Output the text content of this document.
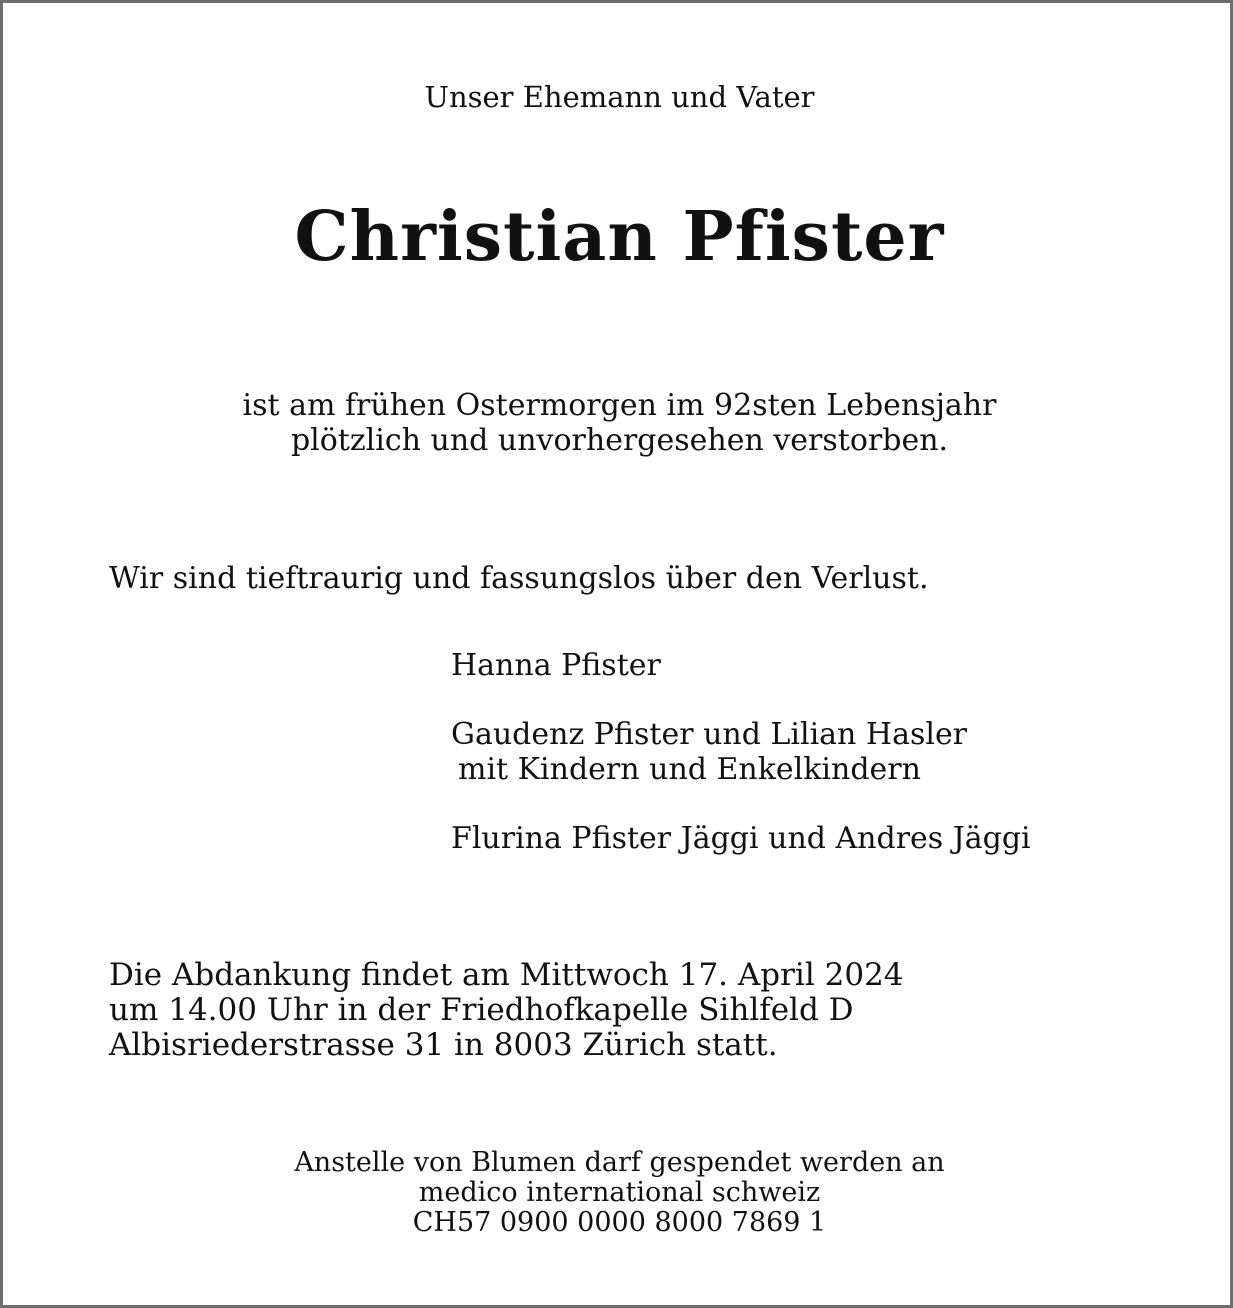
Unser Ehemann und Vater

Christian Pfister

ist am frühen Ostermorgen im 92sten Lebensjahr

plötzlich und unvorhergesehen verstorben.

Wir sind tieftraurig und fassungslos über den Verlust.

Hanna Pfister

Gaudenz Pfister und Lilian Hasler

mit Kindern und Enkelkindern

Flurina Pfister Jäggi und Andres Jäggi

Die Abdankung findet am Mittwoch 17. April 2024

um 14.00 Uhr in der Friedhofkapelle Sihlfeld D

Albisriederstrasse 31 in 8003 Zürich statt.

Anstelle von Blumen darf gespendet werden an

medico international schweiz

CH57 0900 0000 8000 7869 1
